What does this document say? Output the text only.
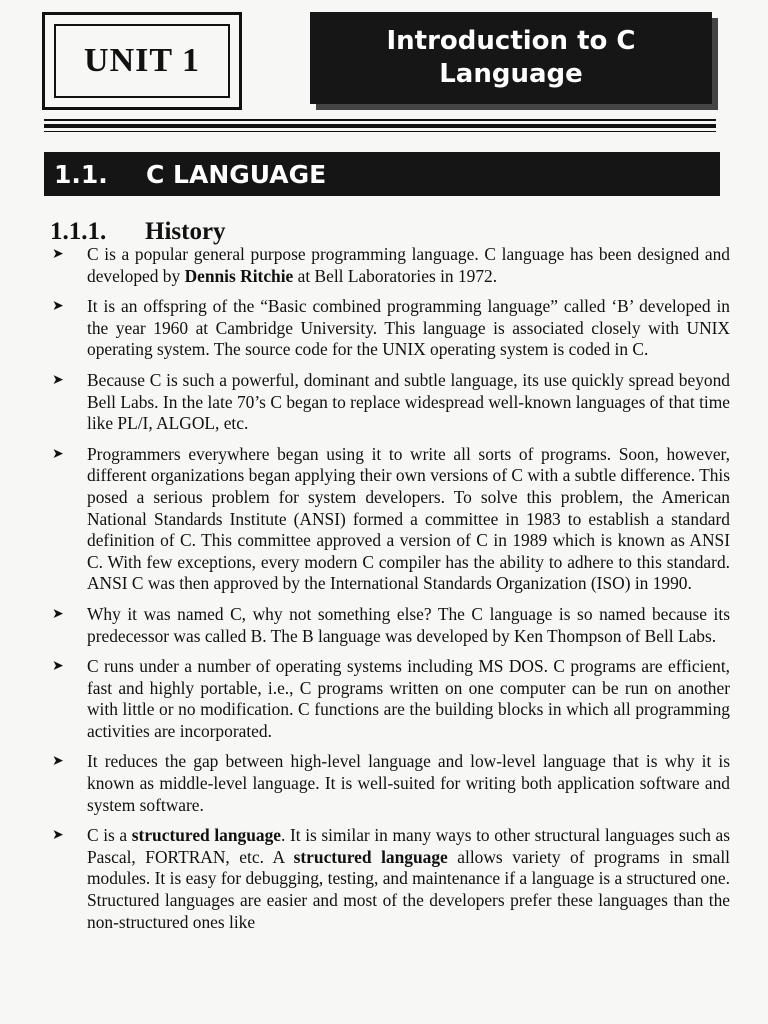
UNIT 1
Introduction to C
Language
1.1.	C LANGUAGE
1.1.1. History
➤ C is a popular general purpose programming language. C language has been designed and developed by Dennis Ritchie at Bell Laboratories in 1972.
➤ It is an offspring of the “Basic combined programming language” called ‘B’ developed in the year 1960 at Cambridge University. This language is associated closely with UNIX operating system. The source code for the UNIX operating system is coded in C.
➤ Because C is such a powerful, dominant and subtle language, its use quickly spread beyond Bell Labs. In the late 70’s C began to replace widespread well-known languages of that time like PL/I, ALGOL, etc.
➤ Programmers everywhere began using it to write all sorts of programs. Soon, however, different organizations began applying their own versions of C with a subtle difference. This posed a serious problem for system developers. To solve this problem, the American National Standards Institute (ANSI) formed a committee in 1983 to establish a standard definition of C. This committee approved a version of C in 1989 which is known as ANSI C. With few exceptions, every modern C compiler has the ability to adhere to this standard. ANSI C was then approved by the International Standards Organization (ISO) in 1990.
➤ Why it was named C, why not something else? The C language is so named because its predecessor was called B. The B language was developed by Ken Thompson of Bell Labs.
➤ C runs under a number of operating systems including MS DOS. C programs are efficient, fast and highly portable, i.e., C programs written on one computer can be run on another with little or no modification. C functions are the building blocks in which all programming activities are incorporated.
➤ It reduces the gap between high-level language and low-level language that is why it is known as middle-level language. It is well-suited for writing both application software and system software.
➤ C is a structured language. It is similar in many ways to other structural languages such as Pascal, FORTRAN, etc. A structured language allows variety of programs in small modules. It is easy for debugging, testing, and maintenance if a language is a structured one. Structured languages are easier and most of the developers prefer these languages than the non-structured ones like
